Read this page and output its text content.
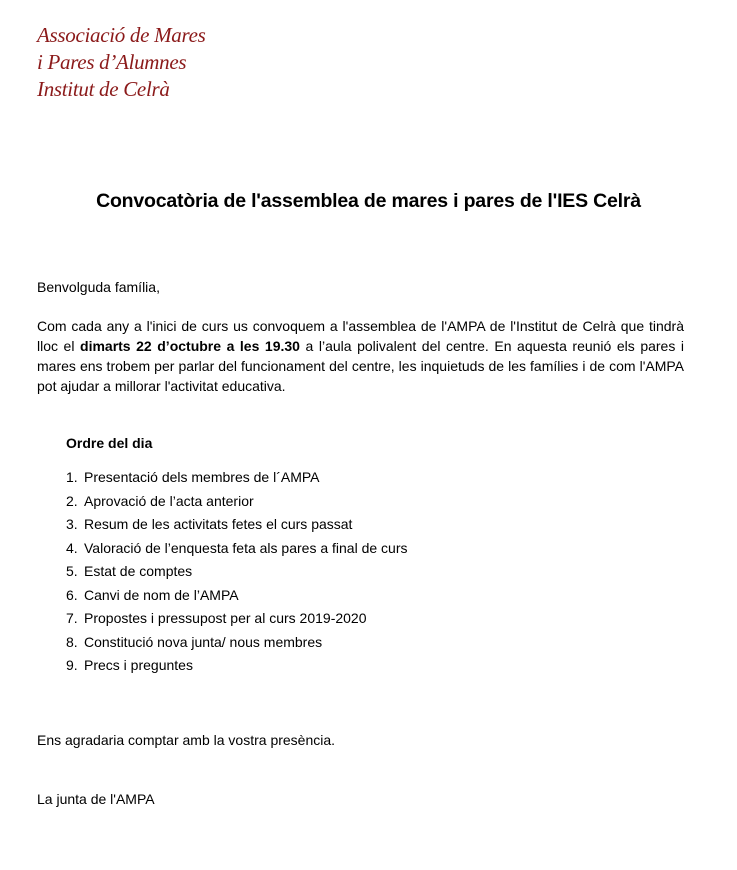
Associació de Mares
i Pares d’Alumnes
Institut de Celrà
Convocatòria de l'assemblea de mares i pares de l'IES Celrà
Benvolguda família,
Com cada any a l'inici de curs us convoquem a l'assemblea de l'AMPA de l'Institut de Celrà que tindrà lloc el dimarts 22 d’octubre a les 19.30 a l’aula polivalent del centre. En aquesta reunió els pares i mares ens trobem per parlar del funcionament del centre, les inquietuds de les famílies i de com l'AMPA pot ajudar a millorar l'activitat educativa.
Ordre del dia
1. Presentació dels membres de l´AMPA
2. Aprovació de l’acta anterior
3. Resum de les activitats fetes el curs passat
4. Valoració de l’enquesta feta als pares a final de curs
5. Estat de comptes
6. Canvi de nom de l’AMPA
7. Propostes i pressupost per al curs 2019-2020
8. Constitució nova junta/ nous membres
9. Precs i preguntes
Ens agradaria comptar amb la vostra presència.
La junta de l'AMPA
